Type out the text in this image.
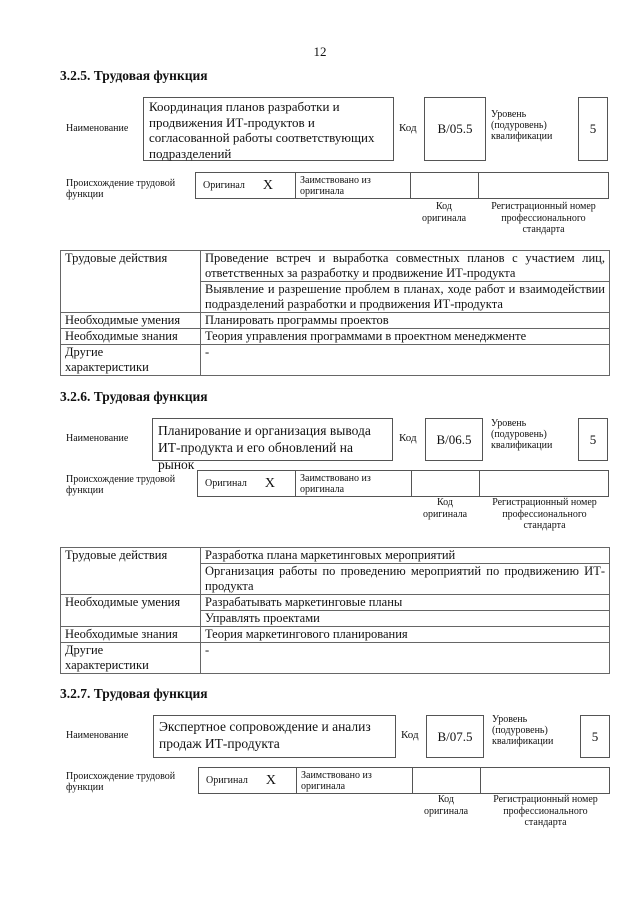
12
3.2.5. Трудовая функция
Наименование
Координация планов разработки и продвижения ИТ-продуктов и согласованной работы соответствующих подразделений
Код	B/05.5
Уровень
(подуровень)
квалификации
5
Происхождение трудовой
функции
Оригинал X	Заимствовано из
оригинала
Код
оригинала
Регистрационный номер
профессионального
стандарта
Трудовые действия	Проведение встреч и выработка совместных планов с участием лиц, ответственных за разработку и продвижение ИТ-продукта
	Выявление и разрешение проблем в планах, ходе работ и взаимодействии подразделений разработки и продвижения ИТ-продукта
Необходимые умения	Планировать программы проектов
Необходимые знания	Теория управления программами в проектном менеджменте

Другие
характеристики	-
3.2.6. Трудовая функция
Наименование
Планирование и организация вывода ИТ-продукта и его обновлений на рынок
Код	B/06.5
Уровень
(подуровень)
квалификации	5
Происхождение трудовой
функции
Оригинал X Заимствовано из
оригинала
Код
оригинала
Регистрационный номер
профессионального
стандарта
Трудовые действия	Разработка плана маркетинговых мероприятий
	Организация работы по проведению мероприятий по продвижению ИТ-продукта
Необходимые умения	Разрабатывать маркетинговые планы
	Управлять проектами
Необходимые знания	Теория маркетингового планирования

Другие
характеристики	-
3.2.7. Трудовая функция
Наименование
Экспертное сопровождение и анализ продаж ИТ-продукта
Код	B/07.5
Уровень
(подуровень)
квалификации	5
Происхождение трудовой
функции
Оригинал X Заимствовано из
оригинала
Код
оригинала
Регистрационный номер
профессионального
стандарта
